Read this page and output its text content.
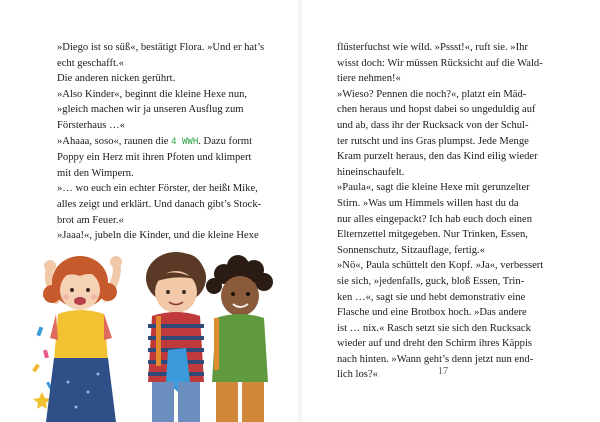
»Diego ist so süß«, bestätigt Flora. »Und er hat’s
echt geschafft.«
Die anderen nicken gerührt.
»Also Kinder«, beginnt die kleine Hexe nun,
»gleich machen wir ja unseren Ausflug zum
Försterhaus …«
»Ahaaa, soso«, raunen die 4 WWH. Dazu formt
Poppy ein Herz mit ihren Pfoten und klimpert
mit den Wimpern.
»… wo euch ein echter Förster, der heißt Mike,
alles zeigt und erklärt. Und danach gibt’s Stock-
brot am Feuer.«
»Jaaa!«, jubeln die Kinder, und die kleine Hexe
flüsterfuchst wie wild. »Pssst!«, ruft sie. »Ihr
wisst doch: Wir müssen Rücksicht auf die Wald-
tiere nehmen!«
»Wieso? Pennen die noch?«, platzt ein Mäd-
chen heraus und hopst dabei so ungeduldig auf
und ab, dass ihr der Rucksack von der Schul-
ter rutscht und ins Gras plumpst. Jede Menge
Kram purzelt heraus, den das Kind eilig wieder
hineinschaufelt.
»Paula«, sagt die kleine Hexe mit gerunzelter
Stirn. »Was um Himmels willen hast du da
nur alles eingepackt? Ich hab euch doch einen
Elternzettel mitgegeben. Nur Trinken, Essen,
Sonnenschutz, Sitzauflage, fertig.«
»Nö«, Paula schüttelt den Kopf. »Ja«, verbessert
sie sich, »jedenfalls, guck, bloß Essen, Trin-
ken …«, sagt sie und hebt demonstrativ eine
Flasche und eine Brotbox hoch. »Das andere
ist … nix.« Rasch setzt sie sich den Rucksack
wieder auf und dreht den Schirm ihres Käppis
nach hinten. »Wann geht’s denn jetzt nun end-
lich los?«	17
